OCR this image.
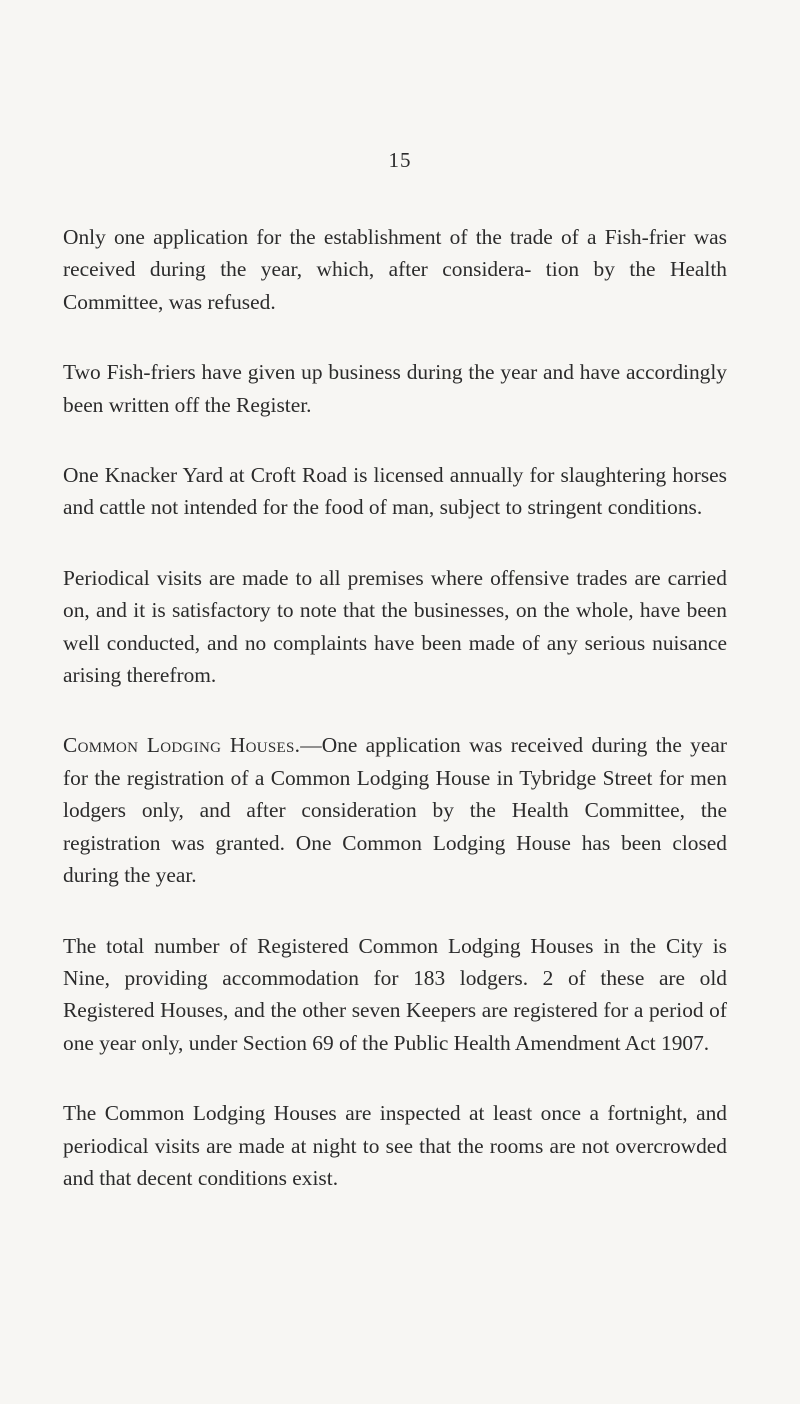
15

Only one application for the establishment of the trade of a Fish-frier was received during the year, which, after considera- tion by the Health Committee, was refused.

Two Fish-friers have given up business during the year and have accordingly been written off the Register.

One Knacker Yard at Croft Road is licensed annually for slaughtering horses and cattle not intended for the food of man, subject to stringent conditions.

Periodical visits are made to all premises where offensive trades are carried on, and it is satisfactory to note that the businesses, on the whole, have been well conducted, and no complaints have been made of any serious nuisance arising therefrom.

Common Lodging Houses.—One application was received during the year for the registration of a Common Lodging House in Tybridge Street for men lodgers only, and after consideration by the Health Committee, the registration was granted. One Common Lodging House has been closed during the year.

The total number of Registered Common Lodging Houses in the City is Nine, providing accommodation for 183 lodgers. 2 of these are old Registered Houses, and the other seven Keepers are registered for a period of one year only, under Section 69 of the Public Health Amendment Act 1907.

The Common Lodging Houses are inspected at least once a fortnight, and periodical visits are made at night to see that the rooms are not overcrowded and that decent conditions exist.
